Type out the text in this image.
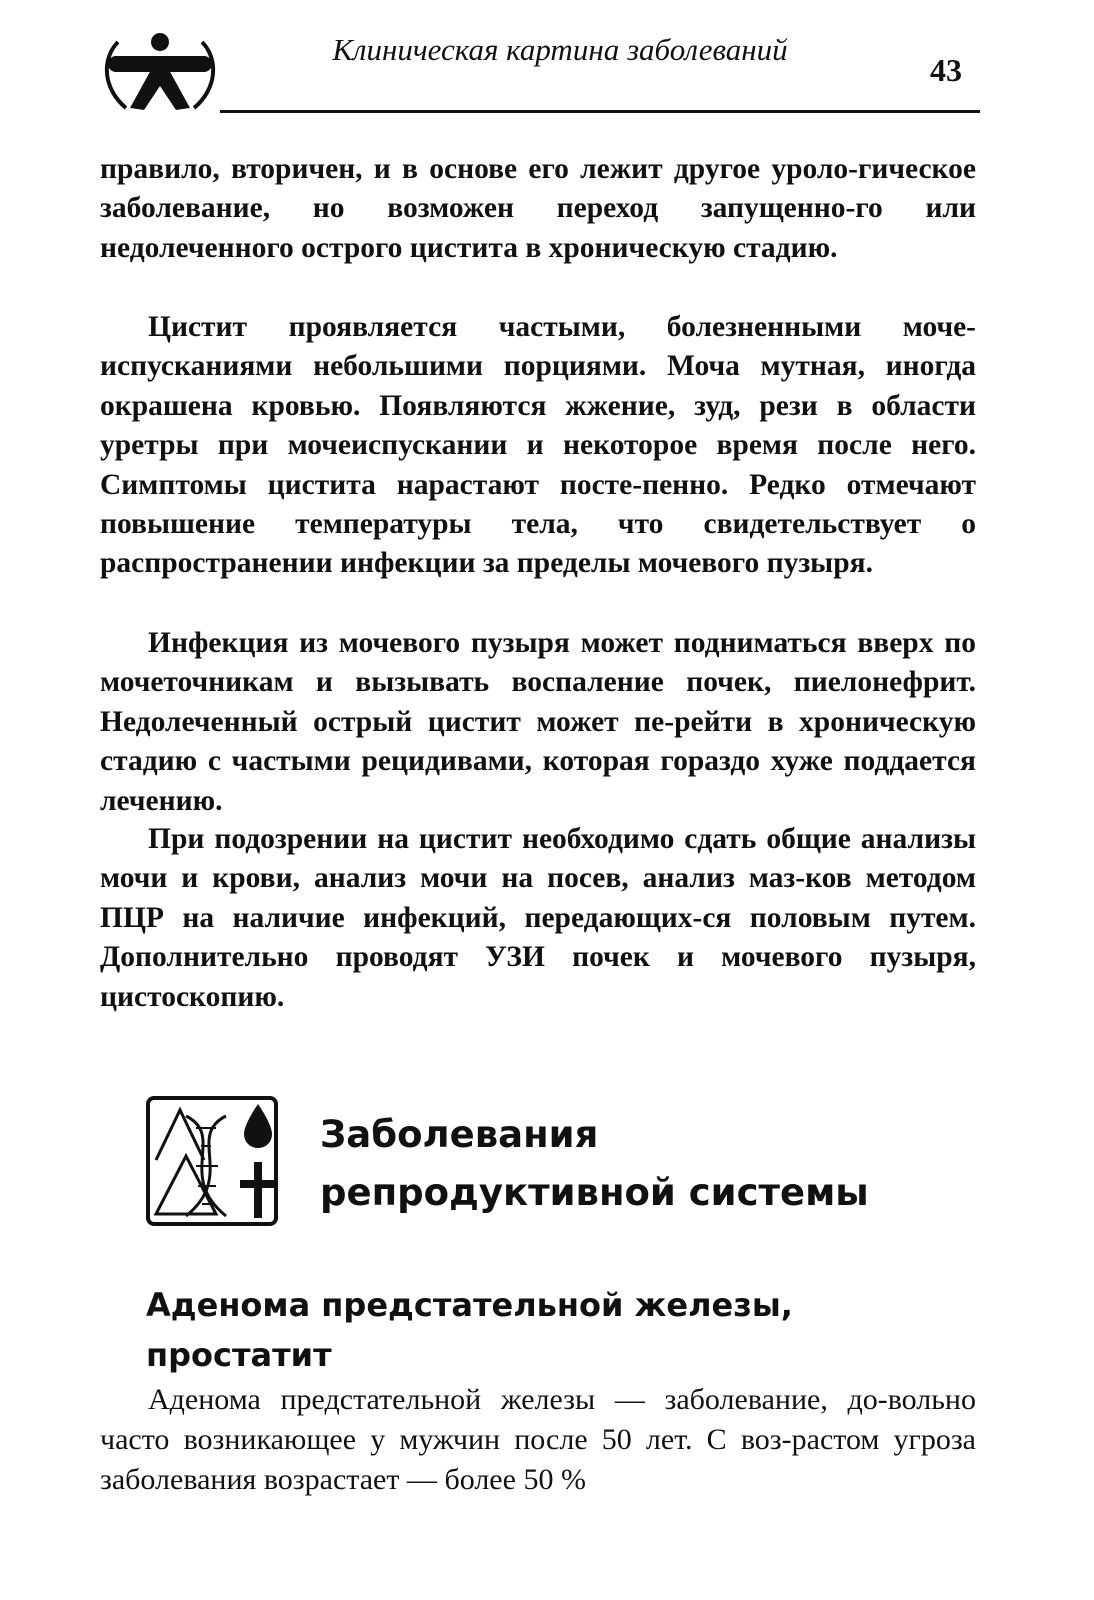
Клиническая картина заболеваний
43

правило, вторичен, и в основе его лежит другое уроло-гическое заболевание, но возможен переход запущенно-го или недолеченного острого цистита в хроническую стадию.

Цистит проявляется частыми, болезненными моче-испусканиями небольшими порциями. Моча мутная, иногда окрашена кровью. Появляются жжение, зуд, рези в области уретры при мочеиспускании и некоторое время после него. Симптомы цистита нарастают посте-пенно. Редко отмечают повышение температуры тела, что свидетельствует о распространении инфекции за пределы мочевого пузыря.

Инфекция из мочевого пузыря может подниматься вверх по мочеточникам и вызывать воспаление почек, пиелонефрит. Недолеченный острый цистит может пе-рейти в хроническую стадию с частыми рецидивами, которая гораздо хуже поддается лечению.

При подозрении на цистит необходимо сдать общие анализы мочи и крови, анализ мочи на посев, анализ маз-ков методом ПЦР на наличие инфекций, передающих-ся половым путем. Дополнительно проводят УЗИ почек и мочевого пузыря, цистоскопию.

Заболевания
репродуктивной системы
Аденома предстательной железы,
простатит

Аденома предстательной железы — заболевание, до-вольно часто возникающее у мужчин после 50 лет. С воз-растом угроза заболевания возрастает — более 50 %
